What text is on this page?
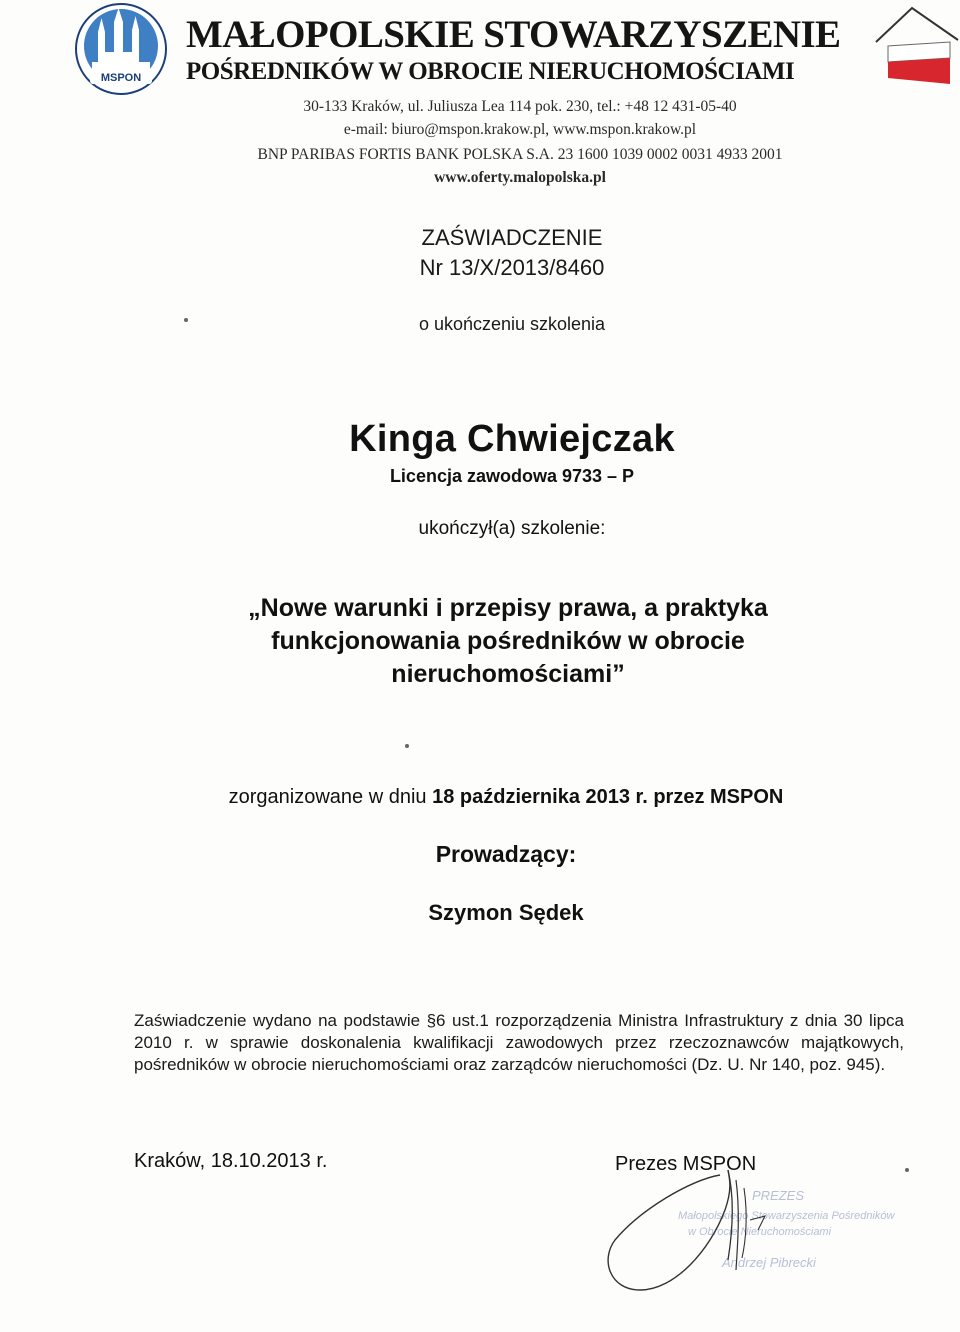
MSPON
MAŁOPOLSKIE STOWARZYSZENIE
POŚREDNIKÓW W OBROCIE NIERUCHOMOŚCIAMI
30-133 Kraków, ul. Juliusza Lea 114 pok. 230, tel.: +48 12 431-05-40
e-mail: biuro@mspon.krakow.pl, www.mspon.krakow.pl
BNP PARIBAS FORTIS BANK POLSKA S.A. 23 1600 1039 0002 0031 4933 2001
www.oferty.malopolska.pl
ZAŚWIADCZENIE
Nr 13/X/2013/8460
o ukończeniu szkolenia
Kinga Chwiejczak
Licencja zawodowa 9733 – P
ukończył(a) szkolenie:
„Nowe warunki i przepisy prawa, a praktyka
funkcjonowania pośredników w obrocie
nieruchomościami”
zorganizowane w dniu 18 października 2013 r. przez MSPON
Prowadzący:
Szymon Sędek
Zaświadczenie wydano na podstawie §6 ust.1 rozporządzenia Ministra Infrastruktury z dnia 30 lipca 2010 r. w sprawie doskonalenia kwalifikacji zawodowych przez rzeczoznawców majątkowych, pośredników w obrocie nieruchomościami oraz zarządców nieruchomości (Dz. U. Nr 140, poz. 945).
Kraków, 18.10.2013 r.
PREZES
Małopolskiego Stowarzyszenia Pośredników
w Obrocie Nieruchomościami
Andrzej Pibrecki
Prezes MSPON
